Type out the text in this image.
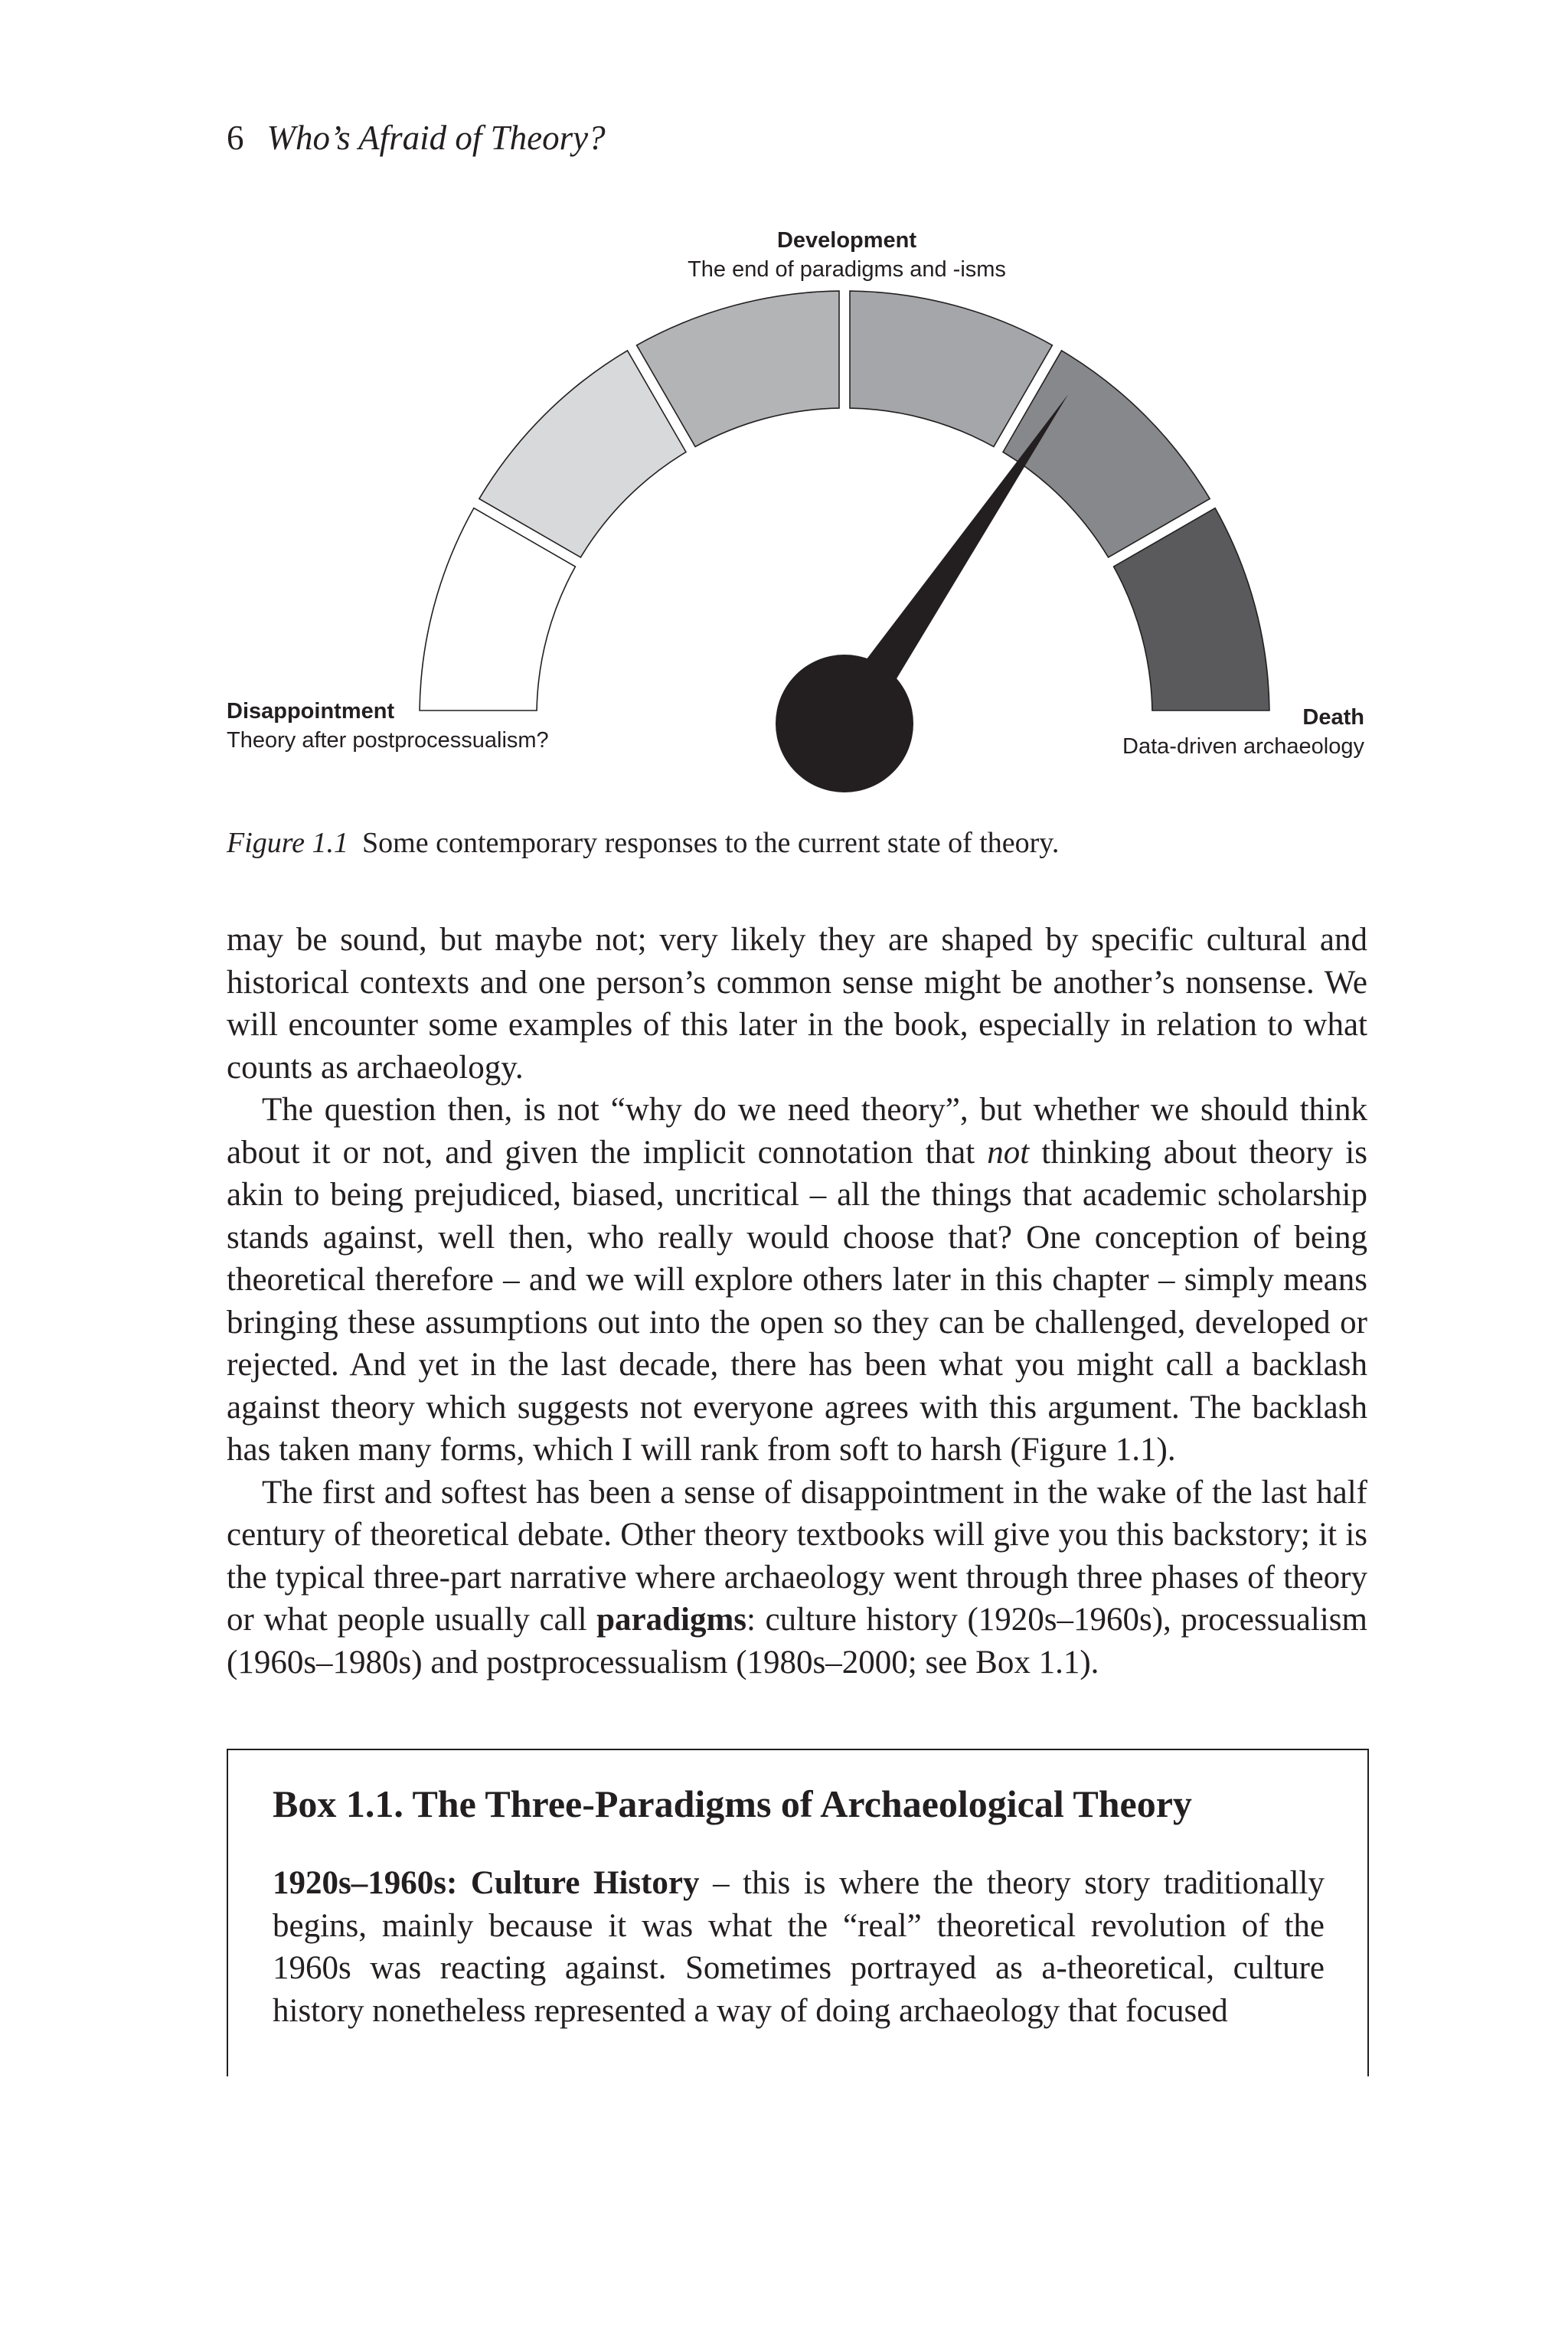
6 Who’s Afraid of Theory?
Development
The end of paradigms and -isms
Disappointment
Theory after postprocessualism?
Death
Data-driven archaeology
Figure 1.1 Some contemporary responses to the current state of theory.

may be sound, but maybe not; very likely they are shaped by specific cultural and historical contexts and one person’s common sense might be another’s nonsense. We will encounter some examples of this later in the book, especially in relation to what counts as archaeology.

The question then, is not “why do we need theory”, but whether we should think about it or not, and given the implicit connotation that not thinking about theory is akin to being prejudiced, biased, uncritical – all the things that academic scholarship stands against, well then, who really would choose that? One conception of being theoretical therefore – and we will explore others later in this chapter – simply means bringing these assumptions out into the open so they can be challenged, developed or rejected. And yet in the last decade, there has been what you might call a backlash against theory which suggests not everyone agrees with this argument. The backlash has taken many forms, which I will rank from soft to harsh (Figure 1.1).

The first and softest has been a sense of disappointment in the wake of the last half century of theoretical debate. Other theory textbooks will give you this backstory; it is the typical three-part narrative where archaeology went through three phases of theory or what people usually call paradigms: culture history (1920s–1960s), processualism (1960s–1980s) and postprocessualism (1980s–2000; see Box 1.1).

Box 1.1. The Three-Paradigms of Archaeological Theory

1920s–1960s: Culture History – this is where the theory story traditionally begins, mainly because it was what the “real” theoretical revolution of the 1960s was reacting against. Sometimes portrayed as a-theoretical, culture history nonetheless represented a way of doing archaeology that focused
